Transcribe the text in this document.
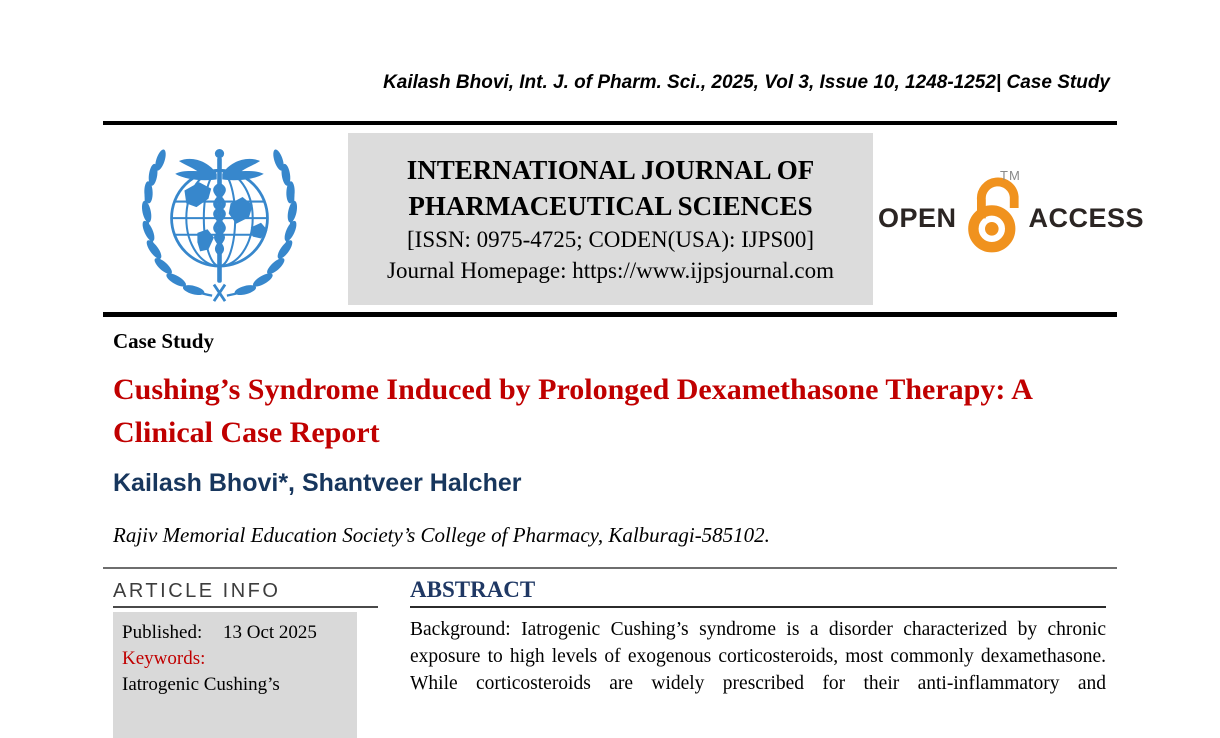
Kailash Bhovi, Int. J. of Pharm. Sci., 2025, Vol 3, Issue 10, 1248-1252| Case Study
INTERNATIONAL JOURNAL OF
PHARMACEUTICAL SCIENCES
[ISSN: 0975-4725; CODEN(USA): IJPS00]
Journal Homepage: https://www.ijpsjournal.com
OPEN	ACCESS
TM
Case Study
Cushing’s Syndrome Induced by Prolonged Dexamethasone Therapy: A
Clinical Case Report
Kailash Bhovi*, Shantveer Halcher
Rajiv Memorial Education Society’s College of Pharmacy, Kalburagi-585102.
ARTICLE INFO
Published: 13 Oct 2025
Keywords:
Iatrogenic Cushing’s
ABSTRACT
Background: Iatrogenic Cushing’s syndrome is a disorder characterized by chronic
exposure to high levels of exogenous corticosteroids, most commonly dexamethasone.
While corticosteroids are widely prescribed for their anti-inflammatory and
